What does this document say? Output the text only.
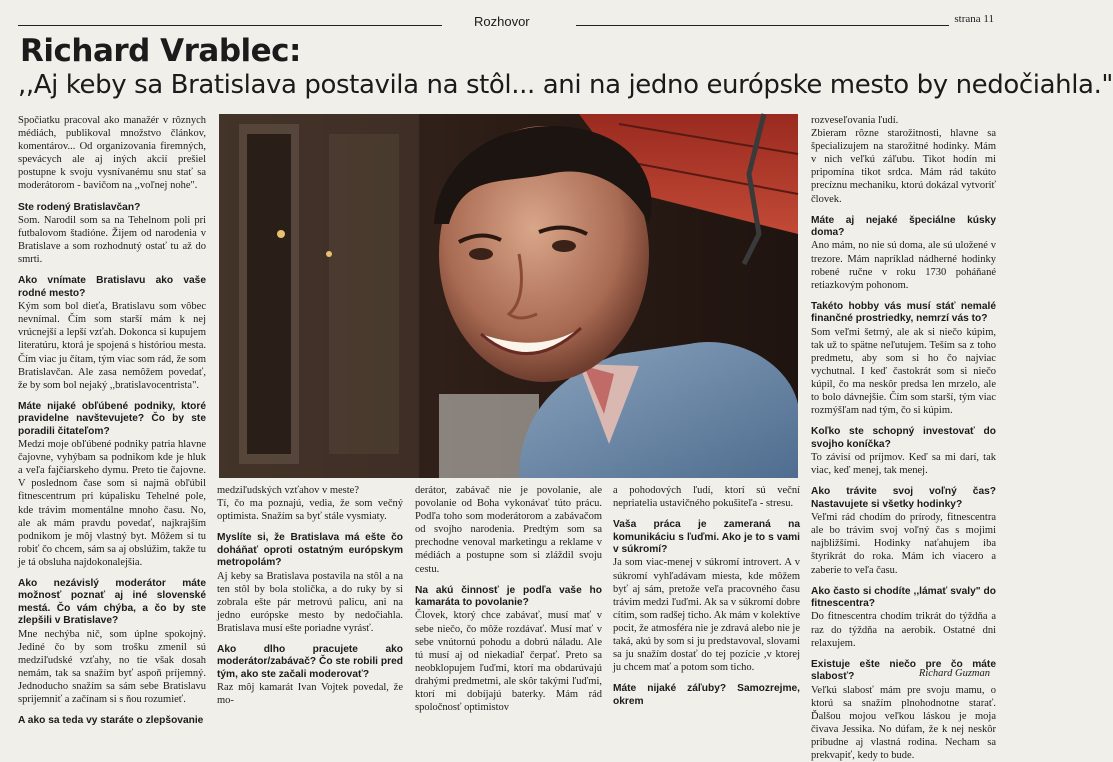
Rozhovor	strana 11
Richard Vrablec:
,,Aj keby sa Bratislava postavila na stôl... ani na jedno európske mesto by nedočiahla."

Spočiatku pracoval ako manažér v rôznych médiách, publikoval množstvo článkov, komentárov... Od organizovania firemných, spevácych ale aj iných akcií prešiel postupne k svoju vysnívanému snu stať sa moderátorom - bavičom na ,,voľnej nohe".

Ste rodený Bratislavčan?

Som. Narodil som sa na Tehelnom poli pri futbalovom štadióne. Žijem od narodenia v Bratislave a som rozhodnutý ostať tu až do smrti.

Ako vnímate Bratislavu ako vaše rodné mesto?

Kým som bol dieťa, Bratislavu som vôbec nevnímal. Čím som starší mám k nej vrúcnejší a lepší vzťah. Dokonca si kupujem literatúru, ktorá je spojená s históriou mesta. Čím viac ju čítam, tým viac som rád, že som Bratislavčan. Ale zasa nemôžem povedať, že by som bol nejaký ,,bratislavocentrista".

Máte nijaké obľúbené podniky, ktoré pravidelne navštevujete? Čo by ste poradili čitateľom?

Medzi moje obľúbené podniky patria hlavne čajovne, vyhýbam sa podnikom kde je hluk a veľa fajčiarskeho dymu. Preto tie čajovne. V poslednom čase som si najmä obľúbil fitnescentrum pri kúpalisku Tehelné pole, kde trávim momentálne mnoho času. No, ale ak mám pravdu povedať, najkrajším podnikom je môj vlastný byt. Môžem si tu robiť čo chcem, sám sa aj obslúžim, takže tu je tá obsluha najdokonalejšia.

Ako nezávislý moderátor máte možnosť poznať aj iné slovenské mestá. Čo vám chýba, a čo by ste zlepšili v Bratislave?

Mne nechýba nič, som úplne spokojný. Jediné čo by som trošku zmenil sú medziľudské vzťahy, no tie však dosah nemám, tak sa snažím byť aspoň príjemný. Jednoducho snažím sa sám sebe Bratislavu sprijemniť a začínam si s ňou rozumieť.

A ako sa teda vy staráte o zlepšovanie

medziľudských vzťahov v meste?

Tí, čo ma poznajú, vedia, že som večný optimista. Snažím sa byť stále vysmiaty.

Myslíte si, že Bratislava má ešte čo doháňať oproti ostatným európskym metropolám?

Aj keby sa Bratislava postavila na stôl a na ten stôl by bola stolička, a do ruky by si zobrala ešte pár metrovú palicu, ani na jedno európske mesto by nedočiahla. Bratislava musí ešte poriadne vyrásť.

Ako dlho pracujete ako moderátor/zabávač? Čo ste robili pred tým, ako ste začali moderovať?

Raz môj kamarát Ivan Vojtek povedal, že mo-

derátor, zabávač nie je povolanie, ale povolanie od Boha vykonávať túto prácu. Podľa toho som moderátorom a zabávačom od svojho narodenia. Predtým som sa prechodne venoval marketingu a reklame v médiách a postupne som si zláždil svoju cestu.

Na akú činnosť je podľa vaše ho kamaráta to povolanie?

Človek, ktorý chce zabávať, musí mať v sebe niečo, čo môže rozdávať. Musí mať v sebe vnútornú pohodu a dobrú náladu. Ale tú musí aj od niekadiaľ čerpať. Preto sa neobklopujem ľuďmi, ktorí ma obdarúvajú drahými predmetmi, ale skôr takými ľuďmi, ktorí mi dobíjajú baterky. Mám rád spoločnosť optimistov

a pohodových ľudí, ktorí sú veční nepriatelia ustavičného pokušiteľa - stresu.

Vaša práca je zameraná na komunikáciu s ľuďmi. Ako je to s vami v súkromí?

Ja som viac-menej v súkromí introvert. A v súkromí vyhľadávam miesta, kde môžem byť aj sám, pretože veľa pracovného času trávim medzi ľuďmi. Ak sa v súkromí dobre cítim, som radšej ticho. Ak mám v kolektíve pocit, že atmosféra nie je zdravá alebo nie je taká, akú by som si ju predstavoval, slovami sa ju snažím dostať do tej pozície ,v ktorej ju chcem mať a potom som ticho.

Máte nijaké záľuby? Samozrejme, okrem

rozveseľovania ľudí.

Zbieram rôzne starožitnosti, hlavne sa špecializujem na starožitné hodinky. Mám v nich veľkú záľubu. Tikot hodín mi pripomína tikot srdca. Mám rád takúto precíznu mechaniku, ktorú dokázal vytvoriť človek.

Máte aj nejaké špeciálne kúsky doma?

Ano mám, no nie sú doma, ale sú uložené v trezore. Mám napríklad nádherné hodinky robené ručne v roku 1730 poháňané retiazkovým pohonom.

Takéto hobby vás musí stáť nemalé finančné prostriedky, nemrzí vás to?

Som veľmi šetrný, ale ak si niečo kúpim, tak už to spätne neľutujem. Teším sa z toho predmetu, aby som si ho čo najviac vychutnal. I keď častokrát som si niečo kúpil, čo ma neskôr predsa len mrzelo, ale to bolo dávnejšie. Čím som starší, tým viac rozmýšľam nad tým, čo si kúpim.

Koľko ste schopný investovať do svojho koníčka?

To závisí od príjmov. Keď sa mi darí, tak viac, keď menej, tak menej.

Ako trávite svoj voľný čas? Nastavujete si všetky hodinky?

Veľmi rád chodím do prírody, fitnescentra ale bo trávim svoj voľný čas s mojimi najbližšími. Hodinky naťahujem iba štyrikrát do roka. Mám ich viacero a zaberie to veľa času.

Ako často si chodíte ,,lámať svaly" do fitnescentra?

Do fitnescentra chodím trikrát do týždňa a raz do týždňa na aerobik. Ostatné dni relaxujem.

Existuje ešte niečo pre čo máte slabosť?

Veľkú slabosť mám pre svoju mamu, o ktorú sa snažím plnohodnotne starať. Ďalšou mojou veľkou láskou je moja čivava Jessika. No dúfam, že k nej neskôr pribudne aj vlastná rodina. Necham sa prekvapiť, kedy to bude.

Richard Guzman
